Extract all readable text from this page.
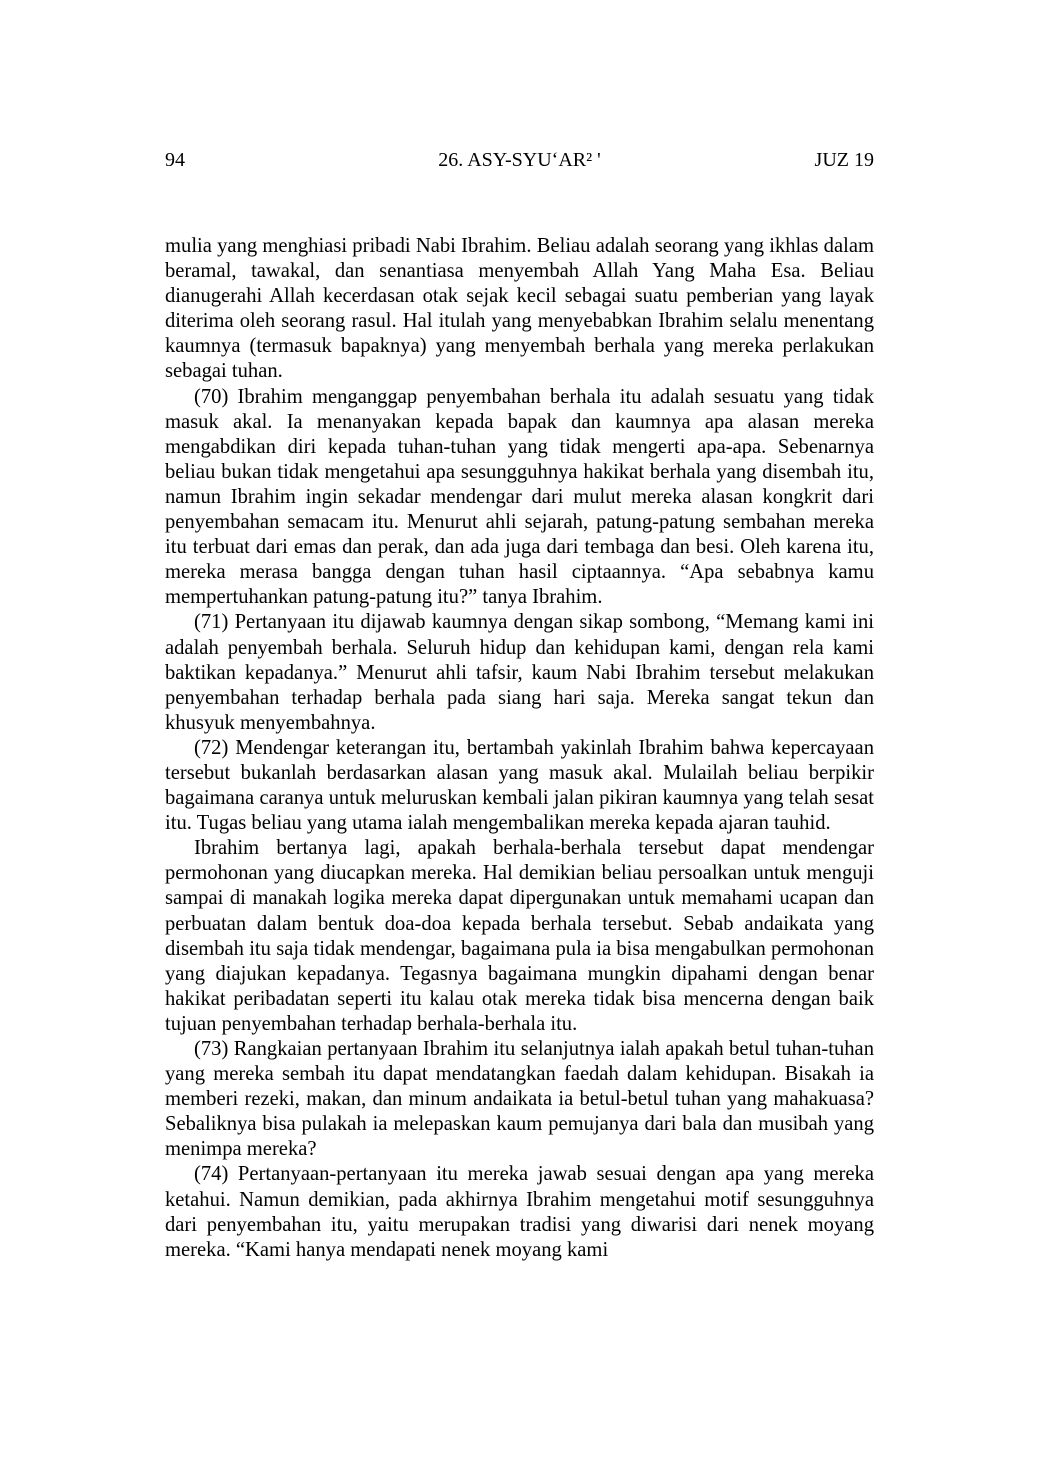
94	26. ASY-SYU‘AR² '	JUZ 19

mulia yang menghiasi pribadi Nabi Ibrahim. Beliau adalah seorang yang ikhlas dalam beramal, tawakal, dan senantiasa menyembah Allah Yang Maha Esa. Beliau dianugerahi Allah kecerdasan otak sejak kecil sebagai suatu pemberian yang layak diterima oleh seorang rasul. Hal itulah yang menyebabkan Ibrahim selalu menentang kaumnya (termasuk bapaknya) yang menyembah berhala yang mereka perlakukan sebagai tuhan.

(70) Ibrahim menganggap penyembahan berhala itu adalah sesuatu yang tidak masuk akal. Ia menanyakan kepada bapak dan kaumnya apa alasan mereka mengabdikan diri kepada tuhan-tuhan yang tidak mengerti apa-apa. Sebenarnya beliau bukan tidak mengetahui apa sesungguhnya hakikat berhala yang disembah itu, namun Ibrahim ingin sekadar mendengar dari mulut mereka alasan kongkrit dari penyembahan semacam itu. Menurut ahli sejarah, patung-patung sembahan mereka itu terbuat dari emas dan perak, dan ada juga dari tembaga dan besi. Oleh karena itu, mereka merasa bangga dengan tuhan hasil ciptaannya. “Apa sebabnya kamu mempertuhankan patung-patung itu?” tanya Ibrahim.

(71) Pertanyaan itu dijawab kaumnya dengan sikap sombong, “Memang kami ini adalah penyembah berhala. Seluruh hidup dan kehidupan kami, dengan rela kami baktikan kepadanya.” Menurut ahli tafsir, kaum Nabi Ibrahim tersebut melakukan penyembahan terhadap berhala pada siang hari saja. Mereka sangat tekun dan khusyuk menyembahnya.

(72) Mendengar keterangan itu, bertambah yakinlah Ibrahim bahwa kepercayaan tersebut bukanlah berdasarkan alasan yang masuk akal. Mulailah beliau berpikir bagaimana caranya untuk meluruskan kembali jalan pikiran kaumnya yang telah sesat itu. Tugas beliau yang utama ialah mengembalikan mereka kepada ajaran tauhid.

Ibrahim bertanya lagi, apakah berhala-berhala tersebut dapat mendengar permohonan yang diucapkan mereka. Hal demikian beliau persoalkan untuk menguji sampai di manakah logika mereka dapat dipergunakan untuk memahami ucapan dan perbuatan dalam bentuk doa-doa kepada berhala tersebut. Sebab andaikata yang disembah itu saja tidak mendengar, bagaimana pula ia bisa mengabulkan permohonan yang diajukan kepadanya. Tegasnya bagaimana mungkin dipahami dengan benar hakikat peribadatan seperti itu kalau otak mereka tidak bisa mencerna dengan baik tujuan penyembahan terhadap berhala-berhala itu.

(73) Rangkaian pertanyaan Ibrahim itu selanjutnya ialah apakah betul tuhan-tuhan yang mereka sembah itu dapat mendatangkan faedah dalam kehidupan. Bisakah ia memberi rezeki, makan, dan minum andaikata ia betul-betul tuhan yang mahakuasa? Sebaliknya bisa pulakah ia melepaskan kaum pemujanya dari bala dan musibah yang menimpa mereka?

(74) Pertanyaan-pertanyaan itu mereka jawab sesuai dengan apa yang mereka ketahui. Namun demikian, pada akhirnya Ibrahim mengetahui motif sesungguhnya dari penyembahan itu, yaitu merupakan tradisi yang diwarisi dari nenek moyang mereka. “Kami hanya mendapati nenek moyang kami
